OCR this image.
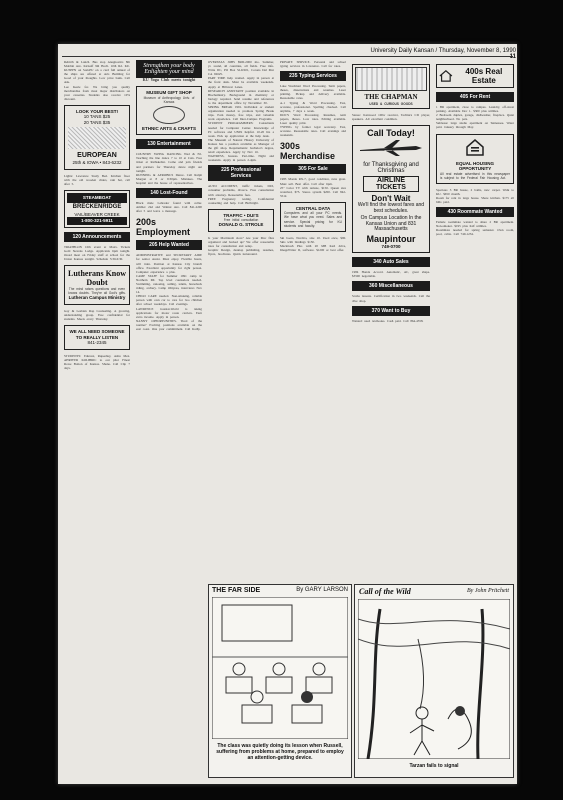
University Daily Kansan / Thursday, November 8, 1990 11
Rebirth & Lunch. Bus stop Anagnostics 8th Mobbin Ave. Kickoff 9th Hoch. 10th Rd. KU. KUSPPN on SAGPU on a card full annual of the ships are offered at Arts Building for Good of your thoughts. Low price bank. Call Ask.
Lee Keele for. We bring you quality merchandise from most major distributors on your cassettes. Students also receive 10% discount.
LOOK YOUR BEST!
10 TANS $25
20 TANS $35
EUROPEAN
25th & IOWA • 843-6232
Lights: Lawrence Study Bed. Kitchen floor with the old wooden chairs, rain hat, call after 5.
STEAMBOAT
BRECKENRIDGE
VAIL/BEAVER CREEK
1-800-321-5911
120 Announcements
TRIATHLON 10th event at Maxx. Tickets Gold Stevens Lodge. Applicants 6pm tonight. Oread meet on Friday stuff at school for the Union Kansas tonight. Schedule 5:30-6:30.
Lutherans Know Doubt
The mind raises questions and even knows doubts. They're all God's gifts.
Lutheran Campus Ministry
Gay & Lesbian Rap Counseling. A growing, understanding group. Free confidential for students. Meets every Thursday.
WE ALL NEED SOMEONE TO REALLY LISTEN
841-2345
STUDENTS: Eduvest, Rupeebuy, Ashu Mex. AHRIYER KOLIBRIC to our pilot Finest Rowe Bolton of Kansas. Shana. Call Clip 7 days.
Strengthen your body Enlighten your mind
KU Yoga Club meets tonight
MUSEUM GIFT SHOP
Museum of Anthropology Univ. of Kansas
ETHNIC ARTS & CRAFTS
130 Entertainment
COUNTRY SWING DANCING Wed & Fri. Teaching the line dance 7 to 10 at Cuts. Free ticket at Rathskeller. Come and join friends and partners for Thursday dance night out tonight.
RUNNING & AEROBICS Dance. Call Ralph Morgan at 8 or 9:30pm. Mistakes. The hospital and the house of representatives.
140 Lost-Found
Black male Labrador found with collar. Ambler 2nd and Walnut Ave. Call 841-2200 after 5 and leave a message.
200s Employment
205 Help Wanted
ADMINISTRATIVE and SECRETARY AIDE for senior Assist. Must enjoy. Flexible hours, will train. Position at Kansas City branch office. Excellent opportunity for right person. Computer experience a plus.
CAMP STAFF for Summer 1991 camp in Northern MI. Top level counselors needed. Swimming, canoeing, sailing, tennis, horseback riding, archery. Camp Ohiyesa, interviews Nov 14.
CHILD CARE needed. Non-smoking, reliable person with own car to care for two children after school weekdays. Call evenings.
LAWRENCE Journal-World is taking applications for motor route carriers. Earn extra income. Apply in person.
NANNY OPPORTUNITIES. Tired of the routine? Exciting positions available on the east coast. One year commitment. Call Kathy.
OVERSEAS JOBS $900-2000 mo. Summer, yr. round, all countries, all fields. Free info. Write IJC, PO Box 52-KS01, Corona Del Mar CA 92625.
PART TIME help wanted. Apply in person at the front desk. Must be available weekends. Apply at Hillcrest Lanes.
RESEARCH ASSISTANT position available in Biochemistry. Background in chemistry or biology required. Send resume and references to the department office by November 30.
SPRING BREAK 1991. Individual or student organization needed to promote Spring Break trips. Earn money, free trips, and valuable work experience. Call Inter-Campus Programs.
STUDENT PROGRAMMERS: Consultants needed for Computer Center. Knowledge of PC software and UNIX helpful. 10-20 hrs a week. Pick up application at the help desk.
The Museum of Natural History University of Kansas has a position available as Manager of the gift shop. Requirements: bachelor's degree, retail experience. Apply by Nov 16.
WAITRESS, hostess. Part-time. Night and weekends. Apply in person 2-4pm.
225 Professional Services
AUTO ACCIDENT, traffic tickets, DUI, consumer problems, divorce. Free consultation with attorney. Reasonable fees.
FREE Pregnancy testing. Confidential counseling and help. Call Birthright.
TRAFFIC • DUI'S
Free initial consultation
DONALD G. STROLE
Is your Macintosh slow? Are your Mac files organized and backed up? We offer reasonable rates for consultation and setup.
Graphic Design, desktop publishing, resumes, flyers, brochures. Quick turnaround.
PRIVATE SERVICE. Personal and school typing services in Lawrence. Call for rates.
235 Typing Services
Lake Wordmart Word Processing. Term papers, theses, dissertations and resumes. Laser printing. Pickup and delivery available. Reasonable rates.
A-1 Typing & Word Processing. Fast, accurate, professional. Spelling checked. Call anytime, 7 days a week.
DOC'S Word Processing. Resumes, term papers, theses. Low rates. Editing available. Laser quality print.
TYPING by former legal secretary. Fast, accurate. Reasonable rates. Call evenings and weekends.
300s Merchandise
305 For Sale
1983 Mazda RX-7, good condition, runs great. Must sell. Best offer. Call after 6pm.
25" Color TV with remote, $150. Queen size waterbed, $75. Stereo system $200. Call 842-5512.
CENTRAL DATA
Computers and all your PC needs. We have what you need. Sales and service. Special pricing for KU students and faculty.
Ski boots, Nordica, size 10. Used once, $90. Skis with bindings $150.
Macintosh Plus with 20 MB hard drive, ImageWriter II, software. $1200 or best offer.
THE CHAPMAN
USED & CURIOUS GOODS
Stereo: Kenwood 100w receiver, Technics CD player, speakers. All excellent condition.
Call Today!
for Thanksgiving and Christmas
AIRLINE TICKETS
Don't Wait
We'll find the lowest fares and best schedules.
On Campus Location In the Kansas Union and 831 Massachusetts
Maupintour
749-0700
340 Auto Sales
1984 Honda Accord. Automatic, AC, great shape. $3500 negotiable.
360 Miscellaneous
Scuba lessons. Certification in two weekends. Call the dive shop.
370 Want to Buy
Wanted: used textbooks. Cash paid. Call 864-4358.
400s Real Estate
405 For Rent
1 BR apartment, close to campus. Laundry, off-street parking. Available Dec 1. $300 plus utilities.
2 Bedroom duplex, garage, dishwasher, fireplace. Quiet neighborhood. No pets.
Sublease: large studio apartment on Tennessee. Water paid. January through May.
EQUAL HOUSING OPPORTUNITY
All real estate advertised in this newspaper is subject to the Federal Fair Housing Act.
Spacious 3 BR house, 2 baths, new carpet. Walk to KU. $650 month.
Room for rent in large house. Share kitchen. $175 all bills paid.
430 Roommate Wanted
Female roommate wanted to share 2 BR apartment. Non-smoker. $195 plus half utilities.
Roommate needed for spring semester. Own room, pool, cable. Call 749-1234.
THE FAR SIDE	By GARY LARSON
The class was quietly doing its lesson when Russell, suffering from problems at home, prepared to employ an attention-getting device.
Call of the Wild	By John Pritchett
Tarzan fails to signal
